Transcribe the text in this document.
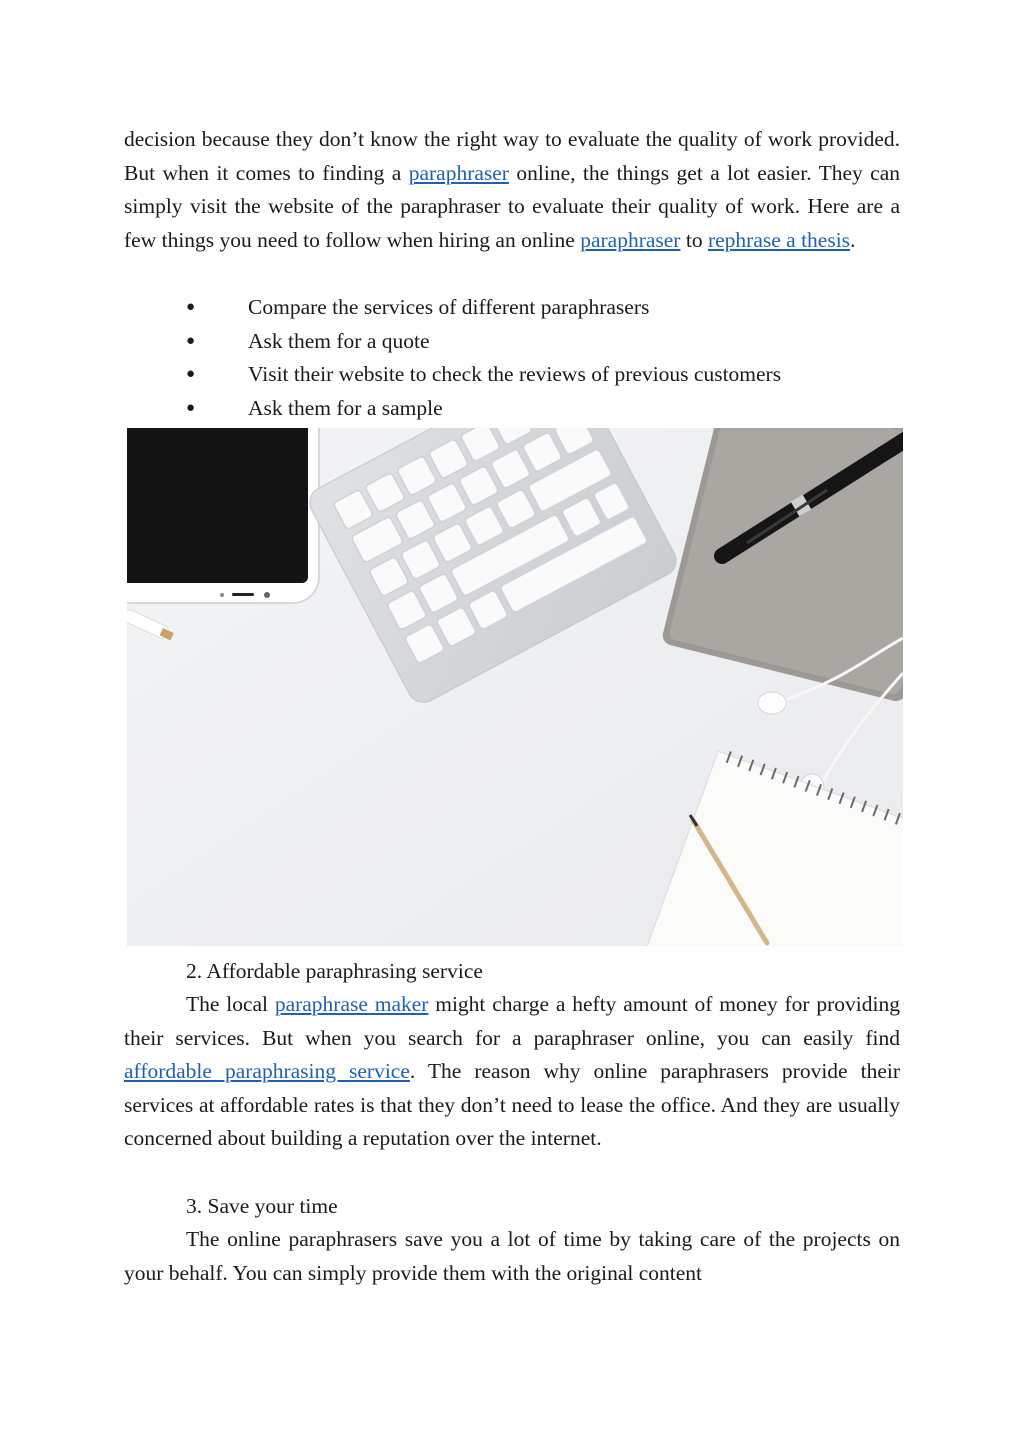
decision because they don’t know the right way to evaluate the quality of work provided. But when it comes to finding a paraphraser online, the things get a lot easier. They can simply visit the website of the paraphraser to evaluate their quality of work. Here are a few things you need to follow when hiring an online paraphraser to rephrase a thesis.

● Compare the services of different paraphrasers
● Ask them for a quote
● Visit their website to check the reviews of previous customers
● Ask them for a sample
2. Affordable paraphrasing service

The local paraphrase maker might charge a hefty amount of money for providing their services. But when you search for a paraphraser online, you can easily find affordable paraphrasing service. The reason why online paraphrasers provide their services at affordable rates is that they don’t need to lease the office. And they are usually concerned about building a reputation over the internet.

3. Save your time

The online paraphrasers save you a lot of time by taking care of the projects on your behalf. You can simply provide them with the original content
